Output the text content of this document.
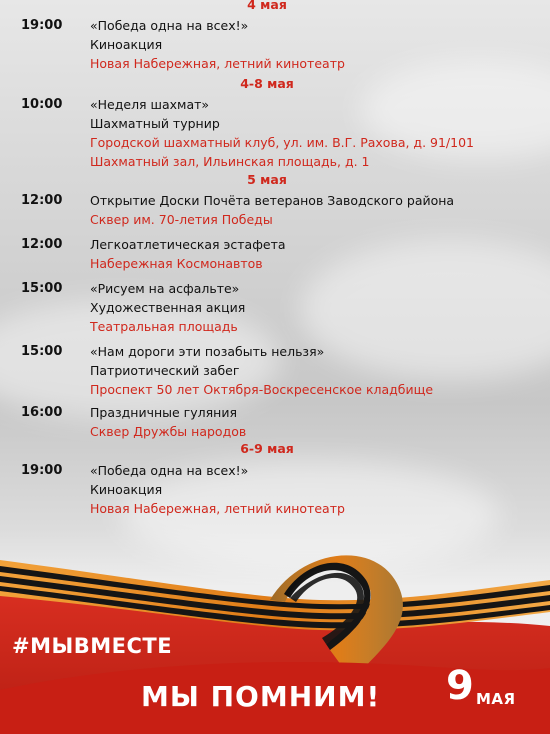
4 мая
4-8 мая
5 мая
6-9 мая
19:00 «Победа одна на всех!»
Киноакция
Новая Набережная, летний кинотеатр
10:00 «Неделя шахмат»
Шахматный турнир
Городской шахматный клуб, ул. им. В.Г. Рахова, д. 91/101
Шахматный зал, Ильинская площадь, д. 1
12:00 Открытие Доски Почёта ветеранов Заводского района
Сквер им. 70-летия Победы
12:00 Легкоатлетическая эстафета
Набережная Космонавтов
15:00 «Рисуем на асфальте»
Художественная акция
Театральная площадь
15:00 «Нам дороги эти позабыть нельзя»
Патриотический забег
Проспект 50 лет Октября-Воскресенское кладбище
16:00 Праздничные гуляния
Сквер Дружбы народов
19:00 «Победа одна на всех!»
Киноакция
Новая Набережная, летний кинотеатр
#МЫВМЕСТЕ
МЫ ПОМНИМ! 9 МАЯ
